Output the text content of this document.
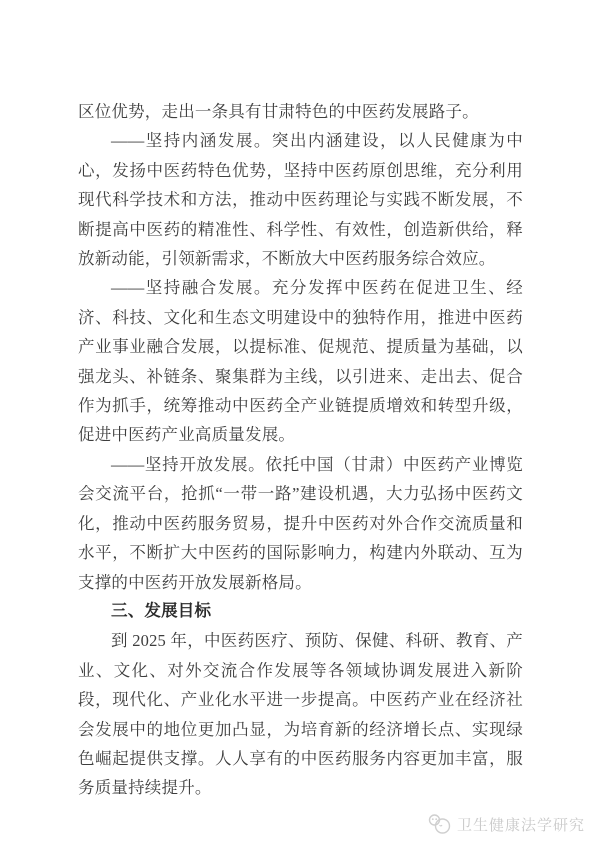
区位优势，走出一条具有甘肃特色的中医药发展路子。

——坚持内涵发展。突出内涵建设，以人民健康为中心，发扬中医药特色优势，坚持中医药原创思维，充分利用现代科学技术和方法，推动中医药理论与实践不断发展，不断提高中医药的精准性、科学性、有效性，创造新供给，释放新动能，引领新需求，不断放大中医药服务综合效应。

——坚持融合发展。充分发挥中医药在促进卫生、经济、科技、文化和生态文明建设中的独特作用，推进中医药产业事业融合发展，以提标准、促规范、提质量为基础，以强龙头、补链条、聚集群为主线，以引进来、走出去、促合作为抓手，统筹推动中医药全产业链提质增效和转型升级，促进中医药产业高质量发展。

——坚持开放发展。依托中国（甘肃）中医药产业博览会交流平台，抢抓“一带一路”建设机遇，大力弘扬中医药文化，推动中医药服务贸易，提升中医药对外合作交流质量和水平，不断扩大中医药的国际影响力，构建内外联动、互为支撑的中医药开放发展新格局。

三、发展目标

到 2025 年，中医药医疗、预防、保健、科研、教育、产业、文化、对外交流合作发展等各领域协调发展进入新阶段，现代化、产业化水平进一步提高。中医药产业在经济社会发展中的地位更加凸显，为培育新的经济增长点、实现绿色崛起提供支撑。人人享有的中医药服务内容更加丰富，服务质量持续提升。

卫生健康法学研究
